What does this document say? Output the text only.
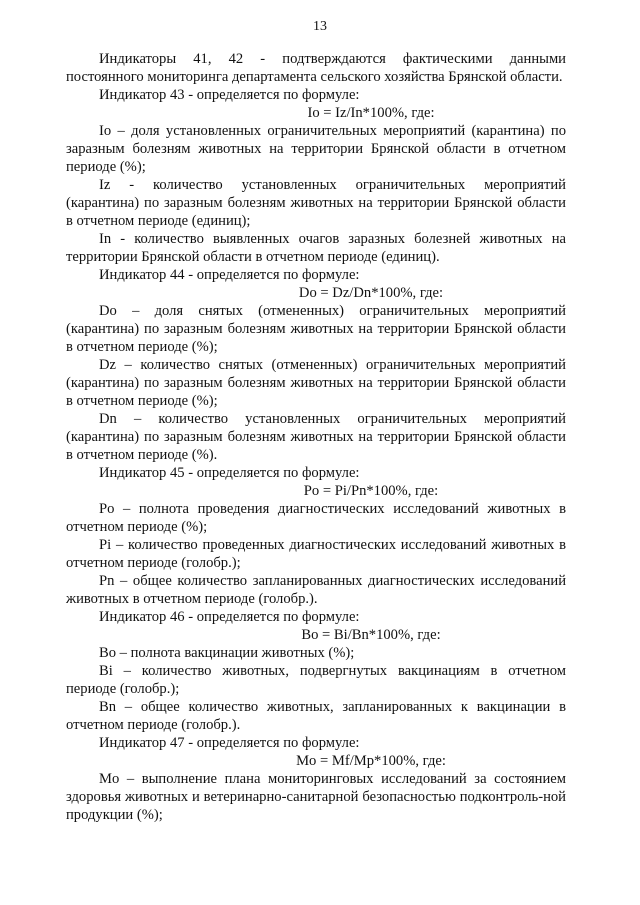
13

Индикаторы 41, 42 - подтверждаются фактическими данными постоянного мониторинга департамента сельского хозяйства Брянской области.

Индикатор 43 - определяется по формуле:

Io = Iz/In*100%, где:

Io – доля установленных ограничительных мероприятий (карантина) по заразным болезням животных на территории Брянской области в отчетном периоде (%);

Iz - количество установленных ограничительных мероприятий (карантина) по заразным болезням животных на территории Брянской области в отчетном периоде (единиц);

In - количество выявленных очагов заразных болезней животных на территории Брянской области в отчетном периоде (единиц).

Индикатор 44 - определяется по формуле:

Do = Dz/Dn*100%, где:

Do – доля снятых (отмененных) ограничительных мероприятий (карантина) по заразным болезням животных на территории Брянской области в отчетном периоде (%);

Dz – количество снятых (отмененных) ограничительных мероприятий (карантина) по заразным болезням животных на территории Брянской области в отчетном периоде (%);

Dn – количество установленных ограничительных мероприятий (карантина) по заразным болезням животных на территории Брянской области в отчетном периоде (%).

Индикатор 45 - определяется по формуле:

Po = Pi/Pn*100%, где:

Po – полнота проведения диагностических исследований животных в отчетном периоде (%);

Pi – количество проведенных диагностических исследований животных в отчетном периоде (голобр.);

Pn – общее количество запланированных диагностических исследований животных в отчетном периоде (голобр.).

Индикатор 46 - определяется по формуле:

Bo = Bi/Bn*100%, где:

Bo – полнота вакцинации животных (%);

Bi – количество животных, подвергнутых вакцинациям в отчетном периоде (голобр.);

Bn – общее количество животных, запланированных к вакцинации в отчетном периоде (голобр.).

Индикатор 47 - определяется по формуле:

Mo = Mf/Mp*100%, где:

Mo – выполнение плана мониторинговых исследований за состоянием здоровья животных и ветеринарно-санитарной безопасностью подконтроль-ной продукции (%);
